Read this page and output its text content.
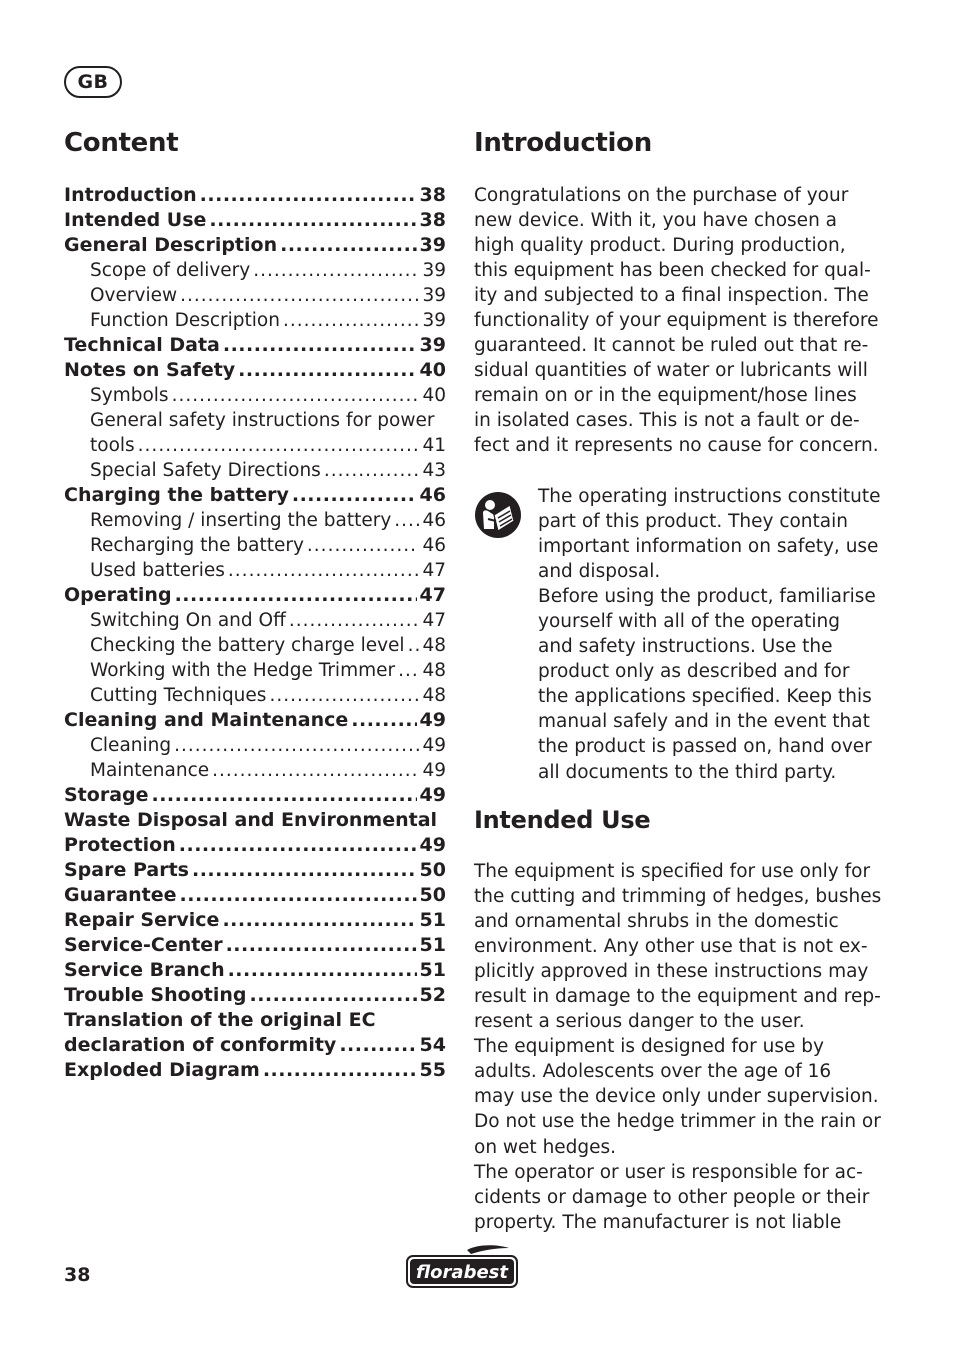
GB
Content
Introduction .....	38
Intended Use .....	38
General Description .....	39
Scope of delivery .....	39
Overview .....	39
Function Description .....	39
Technical Data .....	39
Notes on Safety .....	40
Symbols .....	40
General safety instructions for power
tools .....	41
Special Safety Directions .....	43
Charging the battery .....	46
Removing / inserting the battery ..... 46
Recharging the battery .....	46
Used batteries .....	47
Operating .....	47
Switching On and Off .....	47
Checking the battery charge level ..... 48
Working with the Hedge Trimmer ..... 48
Cutting Techniques .....	48
Cleaning and Maintenance .....	49
Cleaning .....	49
Maintenance .....	49
Storage .....	49
Waste Disposal and Environmental
Protection .....	49
Spare Parts .....	50
Guarantee .....	50
Repair Service .....	51
Service-Center .....	51
Service Branch .....	51
Trouble Shooting .....	52
Translation of the original EC
declaration of conformity .....	54
Exploded Diagram .....	55
Introduction
Congratulations on the purchase of your
new device. With it, you have chosen a
high quality product. During production,
this equipment has been checked for qual-
ity and subjected to a final inspection. The
functionality of your equipment is therefore
guaranteed. It cannot be ruled out that re-
sidual quantities of water or lubricants will
remain on or in the equipment/hose lines
in isolated cases. This is not a fault or de-
fect and it represents no cause for concern.
The operating instructions constitute
part of this product. They contain
important information on safety, use
and disposal.
Before using the product, familiarise
yourself with all of the operating
and safety instructions. Use the
product only as described and for
the applications specified. Keep this
manual safely and in the event that
the product is passed on, hand over
all documents to the third party.
Intended Use
The equipment is specified for use only for
the cutting and trimming of hedges, bushes
and ornamental shrubs in the domestic
environment. Any other use that is not ex-
plicitly approved in these instructions may
result in damage to the equipment and rep-
resent a serious danger to the user.
The equipment is designed for use by
adults. Adolescents over the age of 16
may use the device only under supervision.
Do not use the hedge trimmer in the rain or
on wet hedges.
The operator or user is responsible for ac-
cidents or damage to other people or their
property. The manufacturer is not liable
38	florabest
